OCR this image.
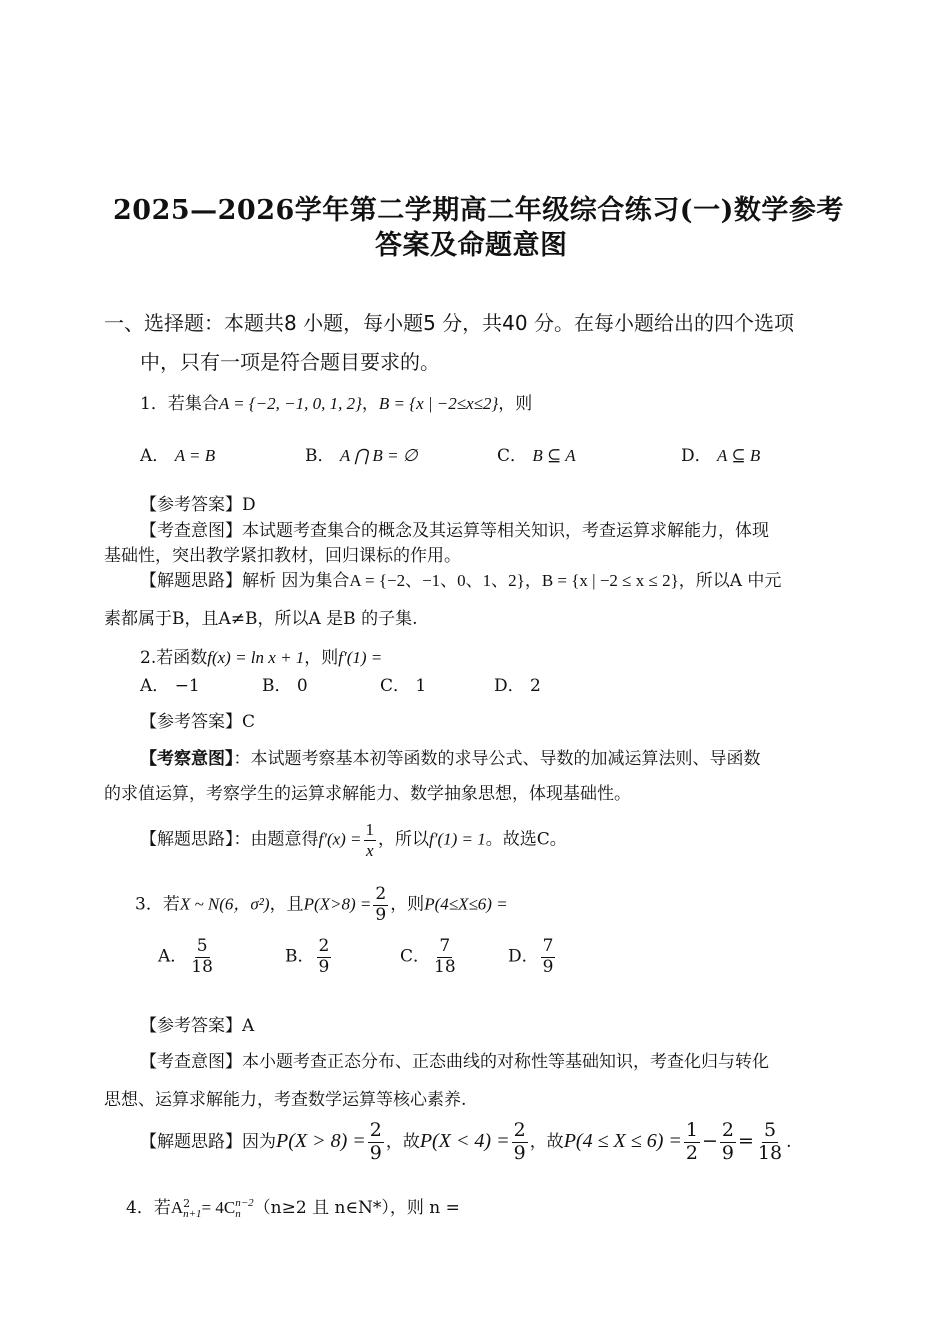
2025—2026学年第二学期高二年级综合练习(一)数学参考
答案及命题意图
一、选择题：本题共8 小题，每小题5 分，共40 分。在每小题给出的四个选项
中，只有一项是符合题目要求的。
1．若集合A = {−2, −1, 0, 1, 2}，B = {x | −2≤x≤2}，则
A． A = B	B． A ⋂ B = ∅	C． B ⊆ A	D． A ⊆ B
【参考答案】D
【考查意图】本试题考查集合的概念及其运算等相关知识，考查运算求解能力，体现
基础性，突出教学紧扣教材，回归课标的作用。
【解题思路】解析 因为集合A = {−2、−1、0、1、2}，B = {x | −2 ≤ x ≤ 2}，所以A 中元
素都属于B，且A≠B，所以A 是B 的子集.
2.若函数f(x) = ln x + 1，则f′(1) =
A． −1	B． 0	C． 1	D． 2
【参考答案】C
【考察意图】：本试题考察基本初等函数的求导公式、导数的加减运算法则、导函数
的求值运算，考察学生的运算求解能力、数学抽象思想，体现基础性。
【解题思路】：由题意得$f'(x) = \frac{1}{x}$ ，所以f′(1) = 1。故选C。
3．若X ~ N(6，σ²)，且$P(X>8) = \frac{2}{9}$ ，则P(4≤X≤6) =
A． $\frac{5}{18}$	B． $\frac{2}{9}$	C． $\frac{7}{18}$	D． $\frac{7}{9}$
【参考答案】A
【考查意图】本小题考查正态分布、正态曲线的对称性等基础知识，考查化归与转化
思想、运算求解能力，考查数学运算等核心素养.
【解题思路】因为$P(X > 8) = \frac{2}{9}$ ，故$P(X < 4) = \frac{2}{9}$ ，故$P(4 \le X \le 6) = \frac{1}{2} - \frac{2}{9} = \frac{5}{18}$ .
4．若A 2
n+1 = 4C n−2
n （n≥2 且 n∈N*），则 n =
